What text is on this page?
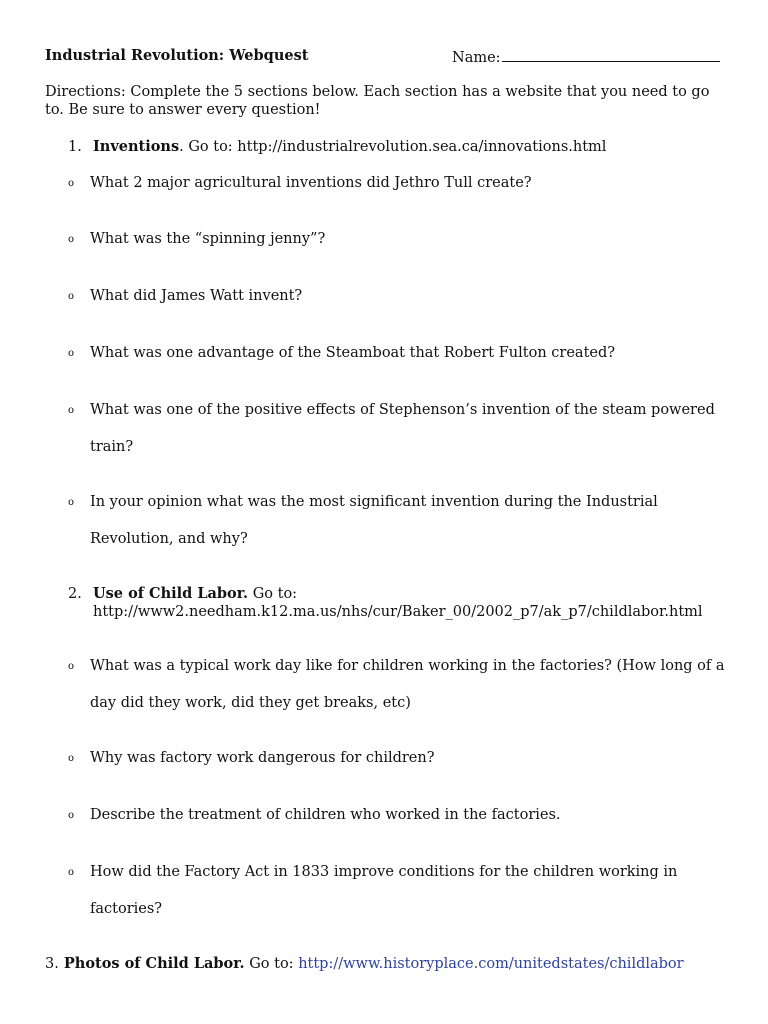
Industrial Revolution: Webquest	Name:
Directions: Complete the 5 sections below. Each section has a website that you need to go to. Be sure to answer every question!
1. Inventions. Go to: http://industrialrevolution.sea.ca/innovations.html
o What 2 major agricultural inventions did Jethro Tull create?
o What was the “spinning jenny”?
o What did James Watt invent?
o What was one advantage of the Steamboat that Robert Fulton created?
o What was one of the positive effects of Stephenson’s invention of the steam powered train?
o In your opinion what was the most significant invention during the Industrial Revolution, and why?
2. Use of Child Labor. Go to:
http://www2.needham.k12.ma.us/nhs/cur/Baker_00/2002_p7/ak_p7/childlabor.html
o What was a typical work day like for children working in the factories? (How long of a day did they work, did they get breaks, etc)
o Why was factory work dangerous for children?
o Describe the treatment of children who worked in the factories.
o How did the Factory Act in 1833 improve conditions for the children working in factories?
3. Photos of Child Labor. Go to: http://www.historyplace.com/unitedstates/childlabor
